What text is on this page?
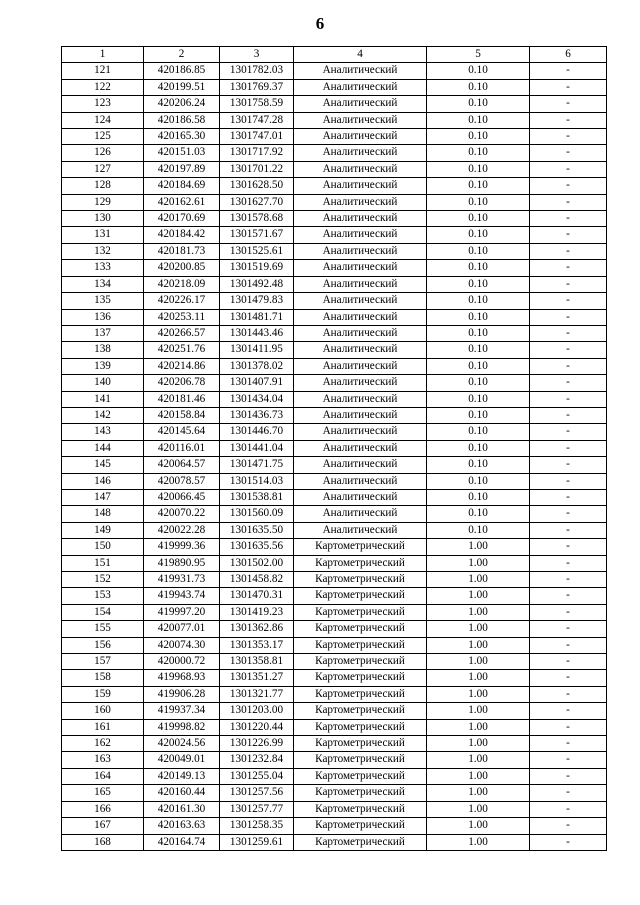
6
1	2	3	4	5	6
121	420186.85	1301782.03	Аналитический	0.10	-
122	420199.51	1301769.37	Аналитический	0.10	-
123	420206.24	1301758.59	Аналитический	0.10	-
124	420186.58	1301747.28	Аналитический	0.10	-
125	420165.30	1301747.01	Аналитический	0.10	-
126	420151.03	1301717.92	Аналитический	0.10	-
127	420197.89	1301701.22	Аналитический	0.10	-
128	420184.69	1301628.50	Аналитический	0.10	-
129	420162.61	1301627.70	Аналитический	0.10	-
130	420170.69	1301578.68	Аналитический	0.10	-
131	420184.42	1301571.67	Аналитический	0.10	-
132	420181.73	1301525.61	Аналитический	0.10	-
133	420200.85	1301519.69	Аналитический	0.10	-
134	420218.09	1301492.48	Аналитический	0.10	-
135	420226.17	1301479.83	Аналитический	0.10	-
136	420253.11	1301481.71	Аналитический	0.10	-
137	420266.57	1301443.46	Аналитический	0.10	-
138	420251.76	1301411.95	Аналитический	0.10	-
139	420214.86	1301378.02	Аналитический	0.10	-
140	420206.78	1301407.91	Аналитический	0.10	-
141	420181.46	1301434.04	Аналитический	0.10	-
142	420158.84	1301436.73	Аналитический	0.10	-
143	420145.64	1301446.70	Аналитический	0.10	-
144	420116.01	1301441.04	Аналитический	0.10	-
145	420064.57	1301471.75	Аналитический	0.10	-
146	420078.57	1301514.03	Аналитический	0.10	-
147	420066.45	1301538.81	Аналитический	0.10	-
148	420070.22	1301560.09	Аналитический	0.10	-
149	420022.28	1301635.50	Аналитический	0.10	-
150	419999.36	1301635.56	Картометрический	1.00	-
151	419890.95	1301502.00	Картометрический	1.00	-
152	419931.73	1301458.82	Картометрический	1.00	-
153	419943.74	1301470.31	Картометрический	1.00	-
154	419997.20	1301419.23	Картометрический	1.00	-
155	420077.01	1301362.86	Картометрический	1.00	-
156	420074.30	1301353.17	Картометрический	1.00	-
157	420000.72	1301358.81	Картометрический	1.00	-
158	419968.93	1301351.27	Картометрический	1.00	-
159	419906.28	1301321.77	Картометрический	1.00	-
160	419937.34	1301203.00	Картометрический	1.00	-
161	419998.82	1301220.44	Картометрический	1.00	-
162	420024.56	1301226.99	Картометрический	1.00	-
163	420049.01	1301232.84	Картометрический	1.00	-
164	420149.13	1301255.04	Картометрический	1.00	-
165	420160.44	1301257.56	Картометрический	1.00	-
166	420161.30	1301257.77	Картометрический	1.00	-
167	420163.63	1301258.35	Картометрический	1.00	-
168	420164.74	1301259.61	Картометрический	1.00	-
